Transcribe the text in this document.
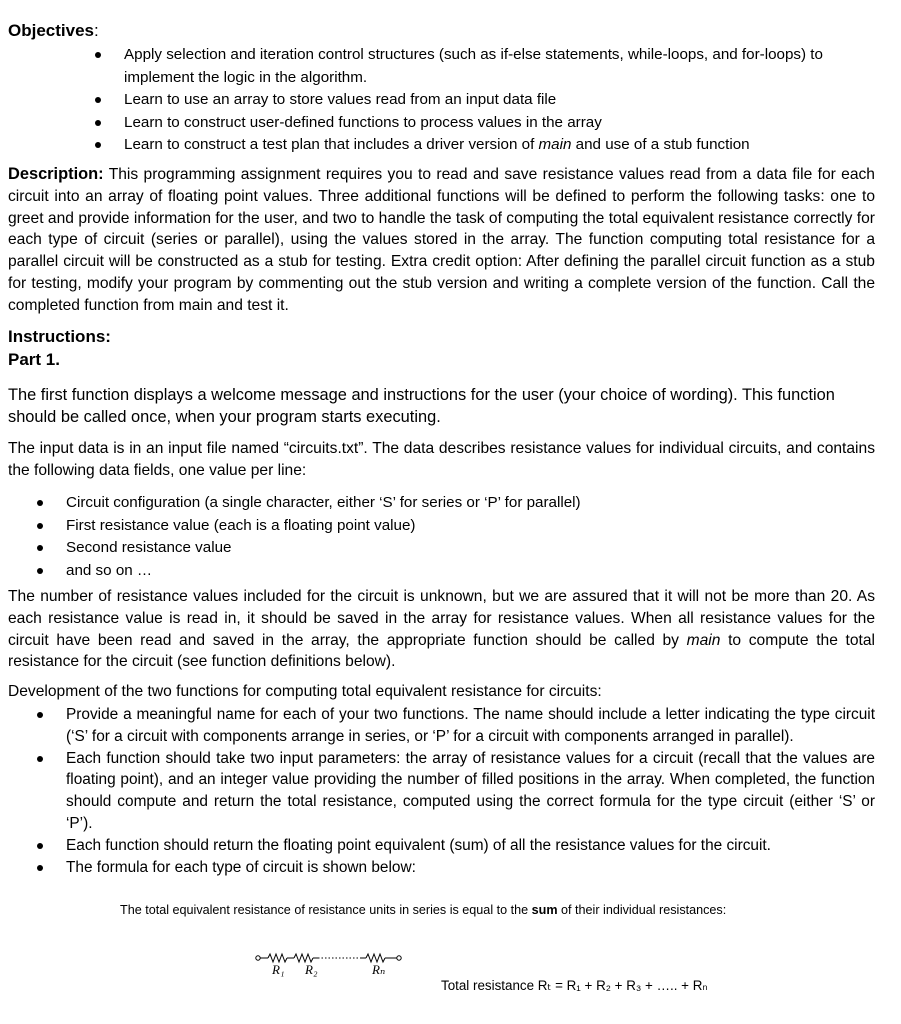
Objectives:
Apply selection and iteration control structures (such as if-else statements, while-loops, and for-loops) to implement the logic in the algorithm.
Learn to use an array to store values read from an input data file
Learn to construct user-defined functions to process values in the array
Learn to construct a test plan that includes a driver version of main and use of a stub function
Description: This programming assignment requires you to read and save resistance values read from a data file for each circuit into an array of floating point values. Three additional functions will be defined to perform the following tasks: one to greet and provide information for the user, and two to handle the task of computing the total equivalent resistance correctly for each type of circuit (series or parallel), using the values stored in the array. The function computing total resistance for a parallel circuit will be constructed as a stub for testing. Extra credit option: After defining the parallel circuit function as a stub for testing, modify your program by commenting out the stub version and writing a complete version of the function. Call the completed function from main and test it.
Instructions:
Part 1.
The first function displays a welcome message and instructions for the user (your choice of wording). This function should be called once, when your program starts executing.
The input data is in an input file named “circuits.txt”. The data describes resistance values for individual circuits, and contains the following data fields, one value per line:
Circuit configuration (a single character, either ‘S’ for series or ‘P’ for parallel)
First resistance value (each is a floating point value)
Second resistance value
and so on …
The number of resistance values included for the circuit is unknown, but we are assured that it will not be more than 20. As each resistance value is read in, it should be saved in the array for resistance values. When all resistance values for the circuit have been read and saved in the array, the appropriate function should be called by main to compute the total resistance for the circuit (see function definitions below).
Development of the two functions for computing total equivalent resistance for circuits:
Provide a meaningful name for each of your two functions. The name should include a letter indicating the type circuit (‘S’ for a circuit with components arrange in series, or ‘P’ for a circuit with components arranged in parallel).
Each function should take two input parameters: the array of resistance values for a circuit (recall that the values are floating point), and an integer value providing the number of filled positions in the array. When completed, the function should compute and return the total resistance, computed using the correct formula for the type circuit (either ‘S’ or ‘P’).
Each function should return the floating point equivalent (sum) of all the resistance values for the circuit.
The formula for each type of circuit is shown below:
The total equivalent resistance of resistance units in series is equal to the sum of their individual resistances:
R₁ R₂	Rₙ
Total resistance Rₜ = R₁ + R₂ + R₃ + ….. + Rₙ
